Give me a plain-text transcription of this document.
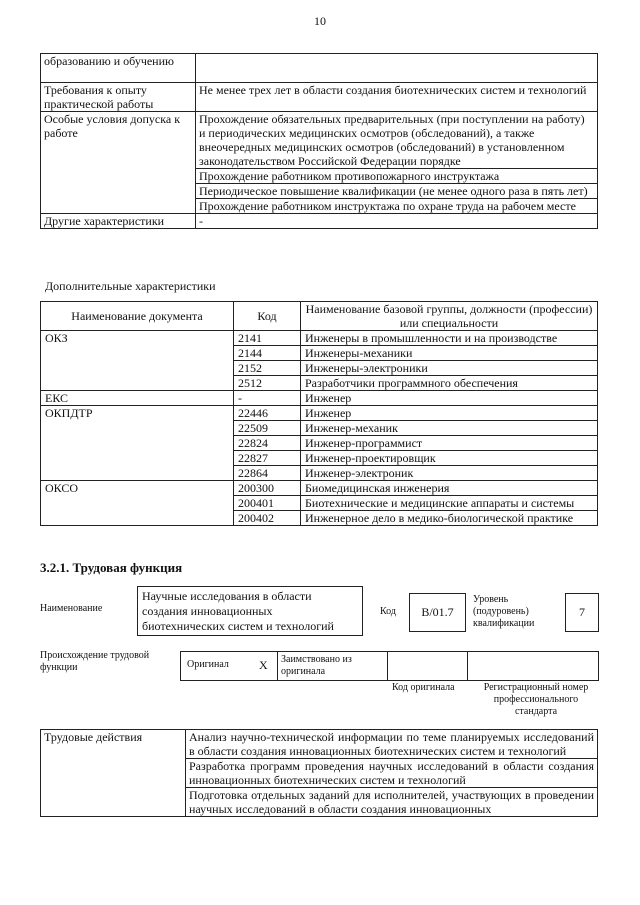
10
образованию и обучению	
Требования к опыту практической работы	Не менее трех лет в области создания биотехнических систем и технологий
Особые условия допуска к работе	Прохождение обязательных предварительных (при поступлении на работу) и периодических медицинских осмотров (обследований), а также внеочередных медицинских осмотров (обследований) в установленном законодательством Российской Федерации порядке
	Прохождение работником противопожарного инструктажа
	Периодическое повышение квалификации (не менее одного раза в пять лет)
	Прохождение работником инструктажа по охране труда на рабочем месте
Другие характеристики	-
Дополнительные характеристики
Наименование документа	Код	Наименование базовой группы, должности (профессии) или специальности
ОКЗ	2141	Инженеры в промышленности и на производстве
	2144	Инженеры-механики
	2152	Инженеры-электроники
	2512	Разработчики программного обеспечения
ЕКС	-	Инженер
ОКПДТР	22446	Инженер
	22509	Инженер-механик
	22824	Инженер-программист
	22827	Инженер-проектировщик
	22864	Инженер-электроник
ОКСО	200300	Биомедицинская инженерия
	200401	Биотехнические и медицинские аппараты и системы
	200402	Инженерное дело в медико-биологической практике
3.2.1. Трудовая функция
Наименование
Научные исследования в области создания инновационных биотехнических систем и технологий
Код	B/01.7
Уровень (подуровень) квалификации
7
Происхождение трудовой функции	Оригинал	X Заимствовано из оригинала
Код оригинала	Регистрационный номер профессионального стандарта
Трудовые действия	Анализ научно-технической информации по теме планируемых исследований в области создания инновационных биотехнических систем и технологий
Разработка программ проведения научных исследований в области создания инновационных биотехнических систем и технологий
Подготовка отдельных заданий для исполнителей, участвующих в проведении научных исследований в области создания инновационных
